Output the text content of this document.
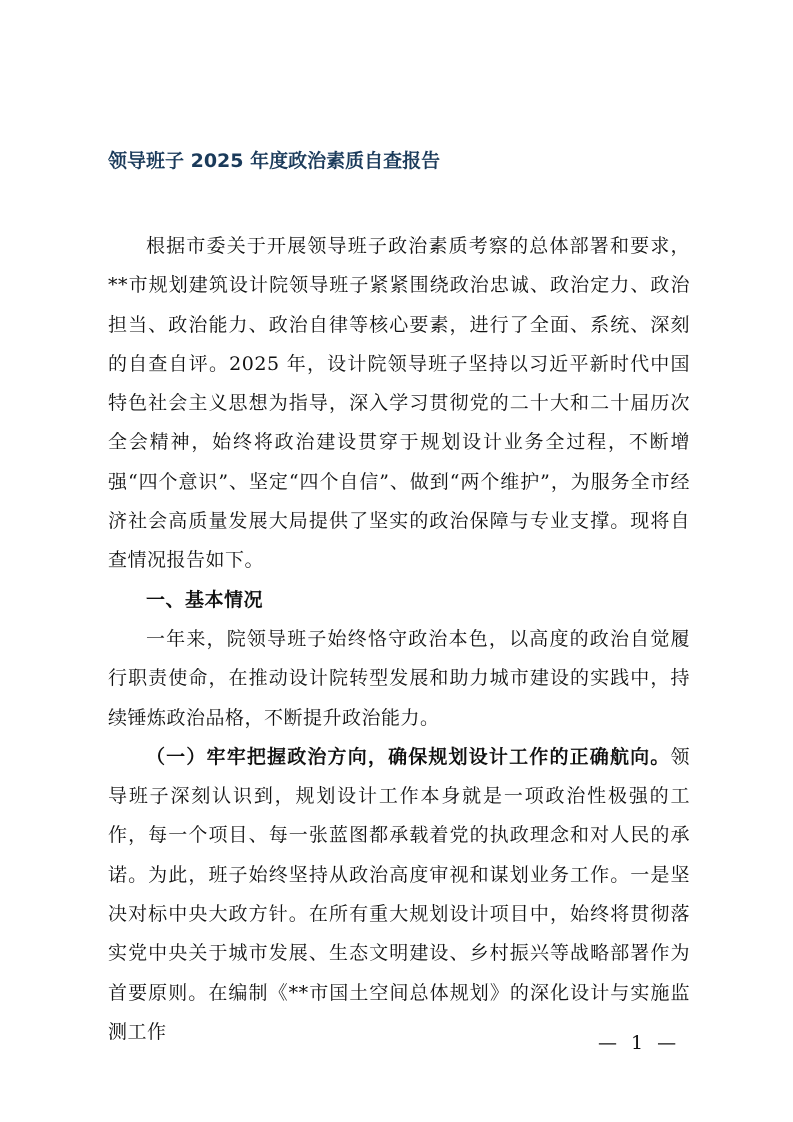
领导班子 2025 年度政治素质自查报告

根据市委关于开展领导班子政治素质考察的总体部署和要求，**市规划建筑设计院领导班子紧紧围绕政治忠诚、政治定力、政治担当、政治能力、政治自律等核心要素，进行了全面、系统、深刻的自查自评。2025 年，设计院领导班子坚持以习近平新时代中国特色社会主义思想为指导，深入学习贯彻党的二十大和二十届历次全会精神，始终将政治建设贯穿于规划设计业务全过程，不断增强“四个意识”、坚定“四个自信”、做到“两个维护”，为服务全市经济社会高质量发展大局提供了坚实的政治保障与专业支撑。现将自查情况报告如下。

一、基本情况

一年来，院领导班子始终恪守政治本色，以高度的政治自觉履行职责使命，在推动设计院转型发展和助力城市建设的实践中，持续锤炼政治品格，不断提升政治能力。

（一）牢牢把握政治方向，确保规划设计工作的正确航向。领导班子深刻认识到，规划设计工作本身就是一项政治性极强的工作，每一个项目、每一张蓝图都承载着党的执政理念和对人民的承诺。为此，班子始终坚持从政治高度审视和谋划业务工作。一是坚决对标中央大政方针。在所有重大规划设计项目中，始终将贯彻落实党中央关于城市发展、生态文明建设、乡村振兴等战略部署作为首要原则。在编制《**市国土空间总体规划》的深化设计与实施监测工作

— 1 —
